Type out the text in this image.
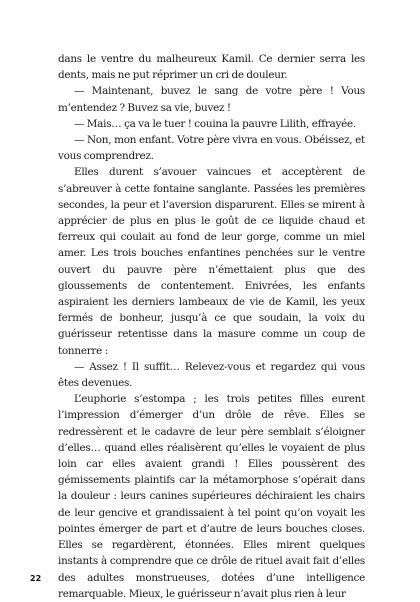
dans le ventre du malheureux Kamil. Ce dernier serra les dents, mais ne put réprimer un cri de douleur.

— Maintenant, buvez le sang de votre père ! Vous m’entendez ? Buvez sa vie, buvez !

— Mais… ça va le tuer ! couina la pauvre Lilith, effrayée.

— Non, mon enfant. Votre père vivra en vous. Obéissez, et vous comprendrez.

Elles durent s’avouer vaincues et acceptèrent de s’abreuver à cette fontaine sanglante. Passées les premières secondes, la peur et l’aversion disparurent. Elles se mirent à apprécier de plus en plus le goût de ce liquide chaud et ferreux qui coulait au fond de leur gorge, comme un miel amer. Les trois bouches enfantines penchées sur le ventre ouvert du pauvre père n’émettaient plus que des gloussements de contentement. Enivrées, les enfants aspiraient les derniers lambeaux de vie de Kamil, les yeux fermés de bonheur, jusqu’à ce que soudain, la voix du guérisseur retentisse dans la masure comme un coup de tonnerre :

— Assez ! Il suffit… Relevez-vous et regardez qui vous êtes devenues.

L’euphorie s’estompa ; les trois petites filles eurent l’impression d’émerger d’un drôle de rêve. Elles se redressèrent et le cadavre de leur père semblait s’éloigner d’elles… quand elles réalisèrent qu’elles le voyaient de plus loin car elles avaient grandi ! Elles poussèrent des gémissements plaintifs car la métamorphose s’opérait dans la douleur : leurs canines supérieures déchiraient les chairs de leur gencive et grandissaient à tel point qu’on voyait les pointes émerger de part et d’autre de leurs bouches closes. Elles se regardèrent, étonnées. Elles mirent quelques instants à comprendre que ce drôle de rituel avait fait d’elles des adultes monstrueuses, dotées d’une intelligence remarquable. Mieux, le guérisseur n’avait plus rien à leur

22
